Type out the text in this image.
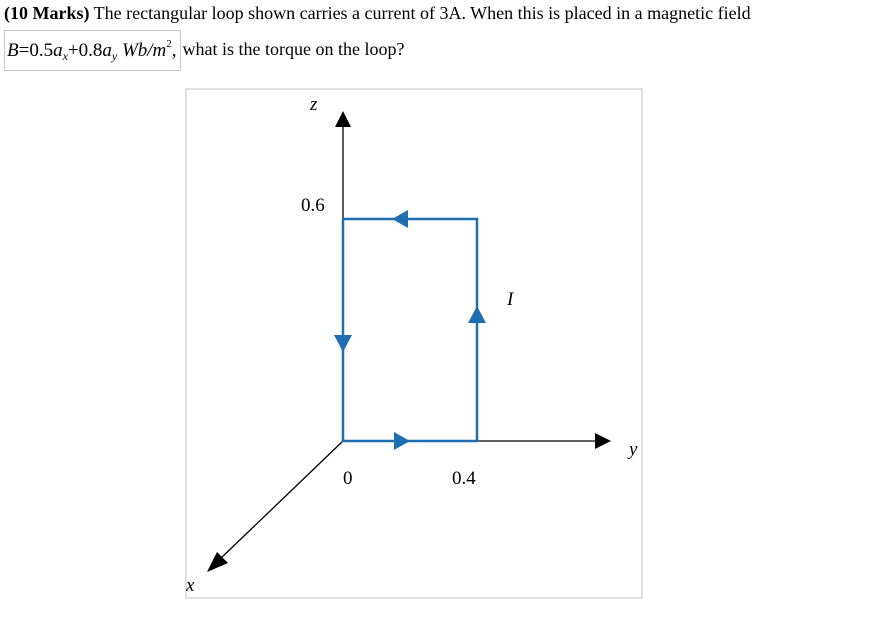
(10 Marks) The rectangular loop shown carries a current of 3A. When this is placed in a magnetic field
$B=0.5a_x+0.8a_y$ $Wb/m^2$, what is the torque on the loop?
z
0.6
I
y
0	0.4
x
